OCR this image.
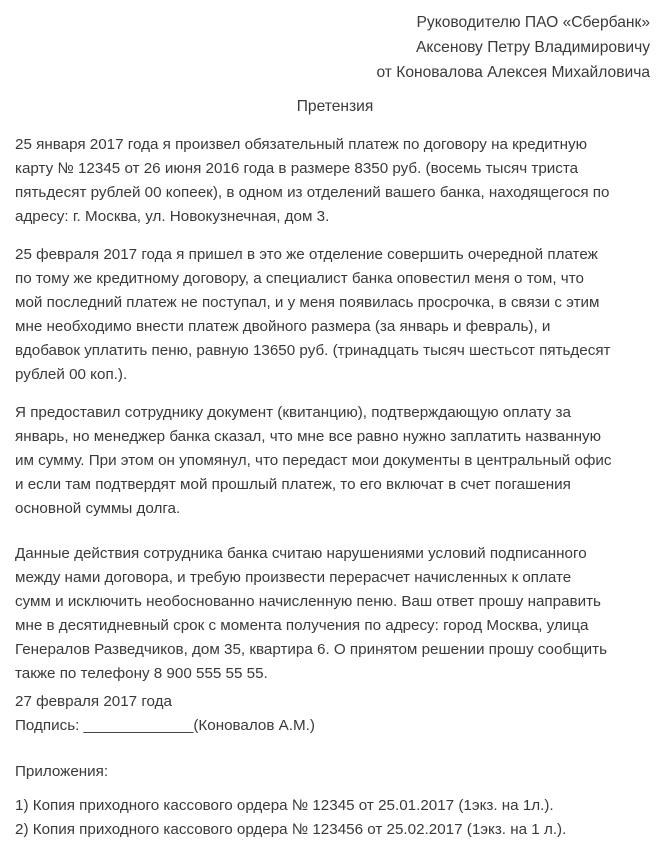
Руководителю ПАО «Сбербанк»
Аксенову Петру Владимировичу
от Коновалова Алексея Михайловича
Претензия
25 января 2017 года я произвел обязательный платеж по договору на кредитную
карту № 12345 от 26 июня 2016 года в размере 8350 руб. (восемь тысяч триста
пятьдесят рублей 00 копеек), в одном из отделений вашего банка, находящегося по
адресу: г. Москва, ул. Новокузнечная, дом 3.
25 февраля 2017 года я пришел в это же отделение совершить очередной платеж
по тому же кредитному договору, а специалист банка оповестил меня о том, что
мой последний платеж не поступал, и у меня появилась просрочка, в связи с этим
мне необходимо внести платеж двойного размера (за январь и февраль), и
вдобавок уплатить пеню, равную 13650 руб. (тринадцать тысяч шестьсот пятьдесят
рублей 00 коп.).
Я предоставил сотруднику документ (квитанцию), подтверждающую оплату за
январь, но менеджер банка сказал, что мне все равно нужно заплатить названную
им сумму. При этом он упомянул, что передаст мои документы в центральный офис
и если там подтвердят мой прошлый платеж, то его включат в счет погашения
основной суммы долга.
Данные действия сотрудника банка считаю нарушениями условий подписанного
между нами договора, и требую произвести перерасчет начисленных к оплате
сумм и исключить необоснованно начисленную пеню. Ваш ответ прошу направить
мне в десятидневный срок с момента получения по адресу: город Москва, улица
Генералов Разведчиков, дом 35, квартира 6. О принятом решении прошу сообщить
также по телефону 8 900 555 55 55.
27 февраля 2017 года
Подпись: _____________(Коновалов А.М.)
Приложения:
1) Копия приходного кассового ордера № 12345 от 25.01.2017 (1экз. на 1л.).
2) Копия приходного кассового ордера № 123456 от 25.02.2017 (1экз. на 1 л.).
